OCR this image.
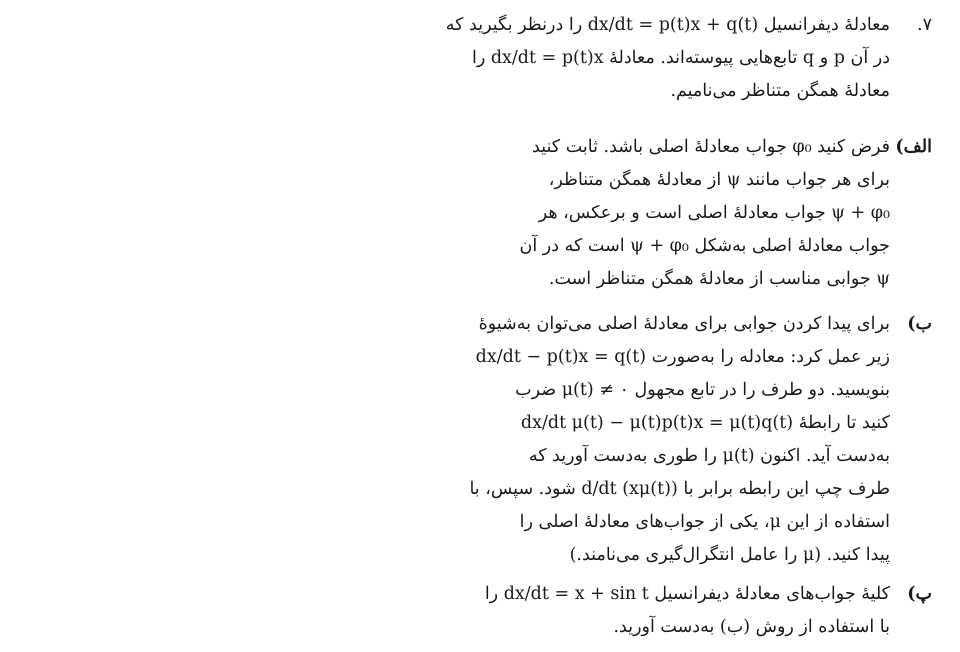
۷.
معادلهٔ دیفرانسیل dx/dt = p(t)x + q(t) را درنظر بگیرید که
در آن p و q تابع‌هایی پیوسته‌اند. معادلهٔ dx/dt = p(t)x را
معادلهٔ همگن متناظر می‌نامیم.
الف)
فرض کنید φ₀ جواب معادلهٔ اصلی باشد. ثابت کنید
برای هر جواب مانند ψ از معادلهٔ همگن متناظر،
ψ + φ₀ جواب معادلهٔ اصلی است و برعکس، هر
جواب معادلهٔ اصلی به‌شکل ψ + φ₀ است که در آن
ψ جوابی مناسب از معادلهٔ همگن متناظر است.
ب)
برای پیدا کردن جوابی برای معادلهٔ اصلی می‌توان به‌شیوهٔ
زیر عمل کرد: معادله را به‌صورت dx/dt − p(t)x = q(t)
بنویسید. دو طرف را در تابع مجهول μ(t) ≠ ۰ ضرب
کنید تا رابطهٔ dx/dt μ(t) − μ(t)p(t)x = μ(t)q(t)
به‌دست آید. اکنون μ(t) را طوری به‌دست آورید که
طرف چپ این رابطه برابر با d/dt (xμ(t)) شود. سپس، با
استفاده از این μ، یکی از جواب‌های معادلهٔ اصلی را
پیدا کنید. (μ را عامل انتگرال‌گیری می‌نامند.)
پ)
کلیهٔ جواب‌های معادلهٔ دیفرانسیل dx/dt = x + sin t را
با استفاده از روش (ب) به‌دست آورید.
